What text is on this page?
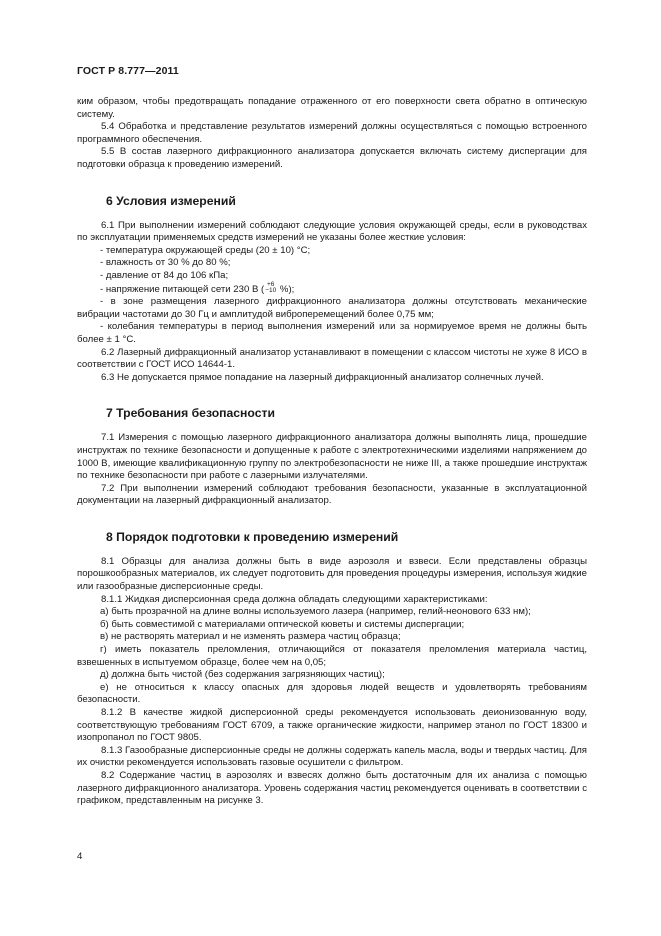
ГОСТ Р 8.777—2011

ким образом, чтобы предотвращать попадание отраженного от его поверхности света обратно в оптическую систему.

5.4 Обработка и представление результатов измерений должны осуществляться с помощью встроенного программного обеспечения.

5.5 В состав лазерного дифракционного анализатора допускается включать систему диспергации для подготовки образца к проведению измерений.

6 Условия измерений

6.1 При выполнении измерений соблюдают следующие условия окружающей среды, если в руководствах по эксплуатации применяемых средств измерений не указаны более жесткие условия:

- температура окружающей среды (20 ± 10) °С;

- влажность от 30 % до 80 %;

- давление от 84 до 106 кПа;

- напряжение питающей сети 230 В ( +6
−10 %);

- в зоне размещения лазерного дифракционного анализатора должны отсутствовать механические вибрации частотами до 30 Гц и амплитудой виброперемещений более 0,75 мм;

- колебания температуры в период выполнения измерений или за нормируемое время не должны быть более ± 1 °С.

6.2 Лазерный дифракционный анализатор устанавливают в помещении с классом чистоты не хуже 8 ИСО в соответствии с ГОСТ ИСО 14644-1.

6.3 Не допускается прямое попадание на лазерный дифракционный анализатор солнечных лучей.

7 Требования безопасности

7.1 Измерения с помощью лазерного дифракционного анализатора должны выполнять лица, прошедшие инструктаж по технике безопасности и допущенные к работе с электротехническими изделиями напряжением до 1000 В, имеющие квалификационную группу по электробезопасности не ниже III, а также прошедшие инструктаж по технике безопасности при работе с лазерными излучателями.

7.2 При выполнении измерений соблюдают требования безопасности, указанные в эксплуатационной документации на лазерный дифракционный анализатор.

8 Порядок подготовки к проведению измерений

8.1 Образцы для анализа должны быть в виде аэрозоля и взвеси. Если представлены образцы порошкообразных материалов, их следует подготовить для проведения процедуры измерения, используя жидкие или газообразные дисперсионные среды.

8.1.1 Жидкая дисперсионная среда должна обладать следующими характеристиками:

а) быть прозрачной на длине волны используемого лазера (например, гелий-неонового 633 нм);

б) быть совместимой с материалами оптической кюветы и системы диспергации;

в) не растворять материал и не изменять размера частиц образца;

г) иметь показатель преломления, отличающийся от показателя преломления материала частиц, взвешенных в испытуемом образце, более чем на 0,05;

д) должна быть чистой (без содержания загрязняющих частиц);

е) не относиться к классу опасных для здоровья людей веществ и удовлетворять требованиям безопасности.

8.1.2 В качестве жидкой дисперсионной среды рекомендуется использовать деионизованную воду, соответствующую требованиям ГОСТ 6709, а также органические жидкости, например этанол по ГОСТ 18300 и изопропанол по ГОСТ 9805.

8.1.3 Газообразные дисперсионные среды не должны содержать капель масла, воды и твердых частиц. Для их очистки рекомендуется использовать газовые осушители с фильтром.

8.2 Содержание частиц в аэрозолях и взвесях должно быть достаточным для их анализа с помощью лазерного дифракционного анализатора. Уровень содержания частиц рекомендуется оценивать в соответствии с графиком, представленным на рисунке 3.

4
